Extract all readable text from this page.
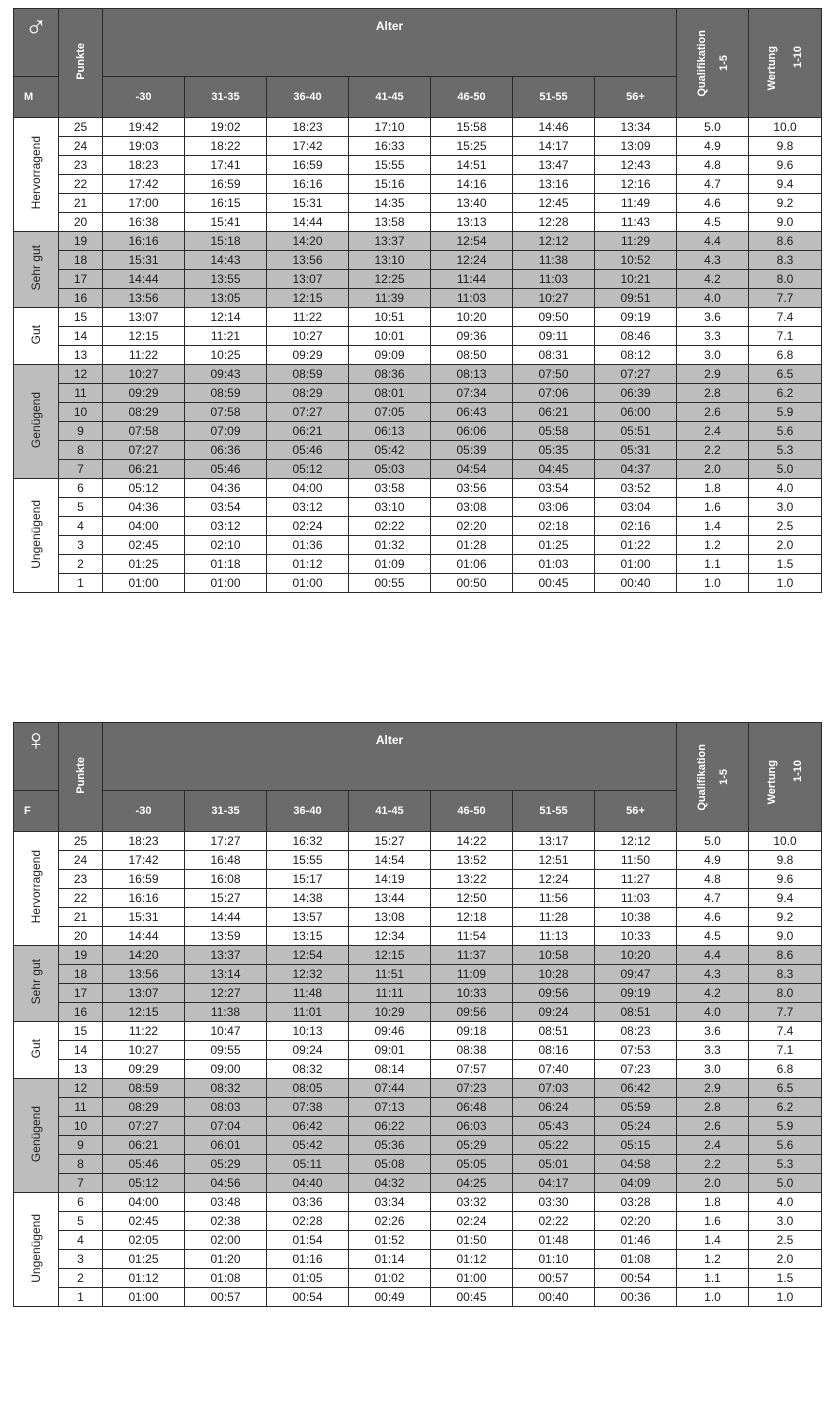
♂	Punkte	Alter							Qualifikation 1-5	Wertung 1-10

M		-30	31-35	36-40	41-45	46-50	51-55	56+		
Hervorragend	25	19:42	19:02	18:23	17:10	15:58	14:46	13:34	5.0	10.0
	24	19:03	18:22	17:42	16:33	15:25	14:17	13:09	4.9	9.8
	23	18:23	17:41	16:59	15:55	14:51	13:47	12:43	4.8	9.6
	22	17:42	16:59	16:16	15:16	14:16	13:16	12:16	4.7	9.4
	21	17:00	16:15	15:31	14:35	13:40	12:45	11:49	4.6	9.2
	20	16:38	15:41	14:44	13:58	13:13	12:28	11:43	4.5	9.0
Sehr gut	19	16:16	15:18	14:20	13:37	12:54	12:12	11:29	4.4	8.6
	18	15:31	14:43	13:56	13:10	12:24	11:38	10:52	4.3	8.3
	17	14:44	13:55	13:07	12:25	11:44	11:03	10:21	4.2	8.0
	16	13:56	13:05	12:15	11:39	11:03	10:27	09:51	4.0	7.7
Gut	15	13:07	12:14	11:22	10:51	10:20	09:50	09:19	3.6	7.4
	14	12:15	11:21	10:27	10:01	09:36	09:11	08:46	3.3	7.1
	13	11:22	10:25	09:29	09:09	08:50	08:31	08:12	3.0	6.8
Genügend	12	10:27	09:43	08:59	08:36	08:13	07:50	07:27	2.9	6.5
	11	09:29	08:59	08:29	08:01	07:34	07:06	06:39	2.8	6.2
	10	08:29	07:58	07:27	07:05	06:43	06:21	06:00	2.6	5.9
	9	07:58	07:09	06:21	06:13	06:06	05:58	05:51	2.4	5.6
	8	07:27	06:36	05:46	05:42	05:39	05:35	05:31	2.2	5.3
	7	06:21	05:46	05:12	05:03	04:54	04:45	04:37	2.0	5.0
Ungenügend	6	05:12	04:36	04:00	03:58	03:56	03:54	03:52	1.8	4.0
	5	04:36	03:54	03:12	03:10	03:08	03:06	03:04	1.6	3.0
	4	04:00	03:12	02:24	02:22	02:20	02:18	02:16	1.4	2.5
	3	02:45	02:10	01:36	01:32	01:28	01:25	01:22	1.2	2.0
	2	01:25	01:18	01:12	01:09	01:06	01:03	01:00	1.1	1.5
	1	01:00	01:00	01:00	00:55	00:50	00:45	00:40	1.0	1.0
♀	Punkte	Alter							Qualifikation 1-5	Wertung 1-10

F		-30	31-35	36-40	41-45	46-50	51-55	56+		
Hervorragend	25	18:23	17:27	16:32	15:27	14:22	13:17	12:12	5.0	10.0
	24	17:42	16:48	15:55	14:54	13:52	12:51	11:50	4.9	9.8
	23	16:59	16:08	15:17	14:19	13:22	12:24	11:27	4.8	9.6
	22	16:16	15:27	14:38	13:44	12:50	11:56	11:03	4.7	9.4
	21	15:31	14:44	13:57	13:08	12:18	11:28	10:38	4.6	9.2
	20	14:44	13:59	13:15	12:34	11:54	11:13	10:33	4.5	9.0
Sehr gut	19	14:20	13:37	12:54	12:15	11:37	10:58	10:20	4.4	8.6
	18	13:56	13:14	12:32	11:51	11:09	10:28	09:47	4.3	8.3
	17	13:07	12:27	11:48	11:11	10:33	09:56	09:19	4.2	8.0
	16	12:15	11:38	11:01	10:29	09:56	09:24	08:51	4.0	7.7
Gut	15	11:22	10:47	10:13	09:46	09:18	08:51	08:23	3.6	7.4
	14	10:27	09:55	09:24	09:01	08:38	08:16	07:53	3.3	7.1
	13	09:29	09:00	08:32	08:14	07:57	07:40	07:23	3.0	6.8
Genügend	12	08:59	08:32	08:05	07:44	07:23	07:03	06:42	2.9	6.5
	11	08:29	08:03	07:38	07:13	06:48	06:24	05:59	2.8	6.2
	10	07:27	07:04	06:42	06:22	06:03	05:43	05:24	2.6	5.9
	9	06:21	06:01	05:42	05:36	05:29	05:22	05:15	2.4	5.6
	8	05:46	05:29	05:11	05:08	05:05	05:01	04:58	2.2	5.3
	7	05:12	04:56	04:40	04:32	04:25	04:17	04:09	2.0	5.0
Ungenügend	6	04:00	03:48	03:36	03:34	03:32	03:30	03:28	1.8	4.0
	5	02:45	02:38	02:28	02:26	02:24	02:22	02:20	1.6	3.0
	4	02:05	02:00	01:54	01:52	01:50	01:48	01:46	1.4	2.5
	3	01:25	01:20	01:16	01:14	01:12	01:10	01:08	1.2	2.0
	2	01:12	01:08	01:05	01:02	01:00	00:57	00:54	1.1	1.5
	1	01:00	00:57	00:54	00:49	00:45	00:40	00:36	1.0	1.0
